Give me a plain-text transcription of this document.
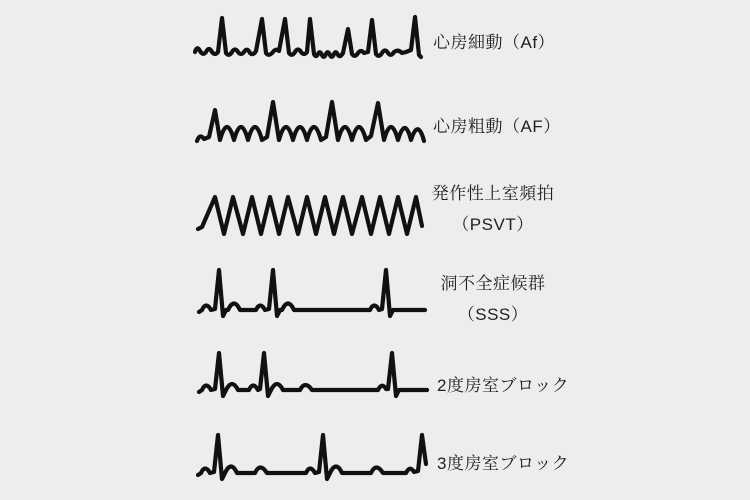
心房細動（Af）
心房粗動（AF）
発作性上室頻拍
（PSVT）
洞不全症候群
（SSS）
2度房室ブロック
3度房室ブロック
